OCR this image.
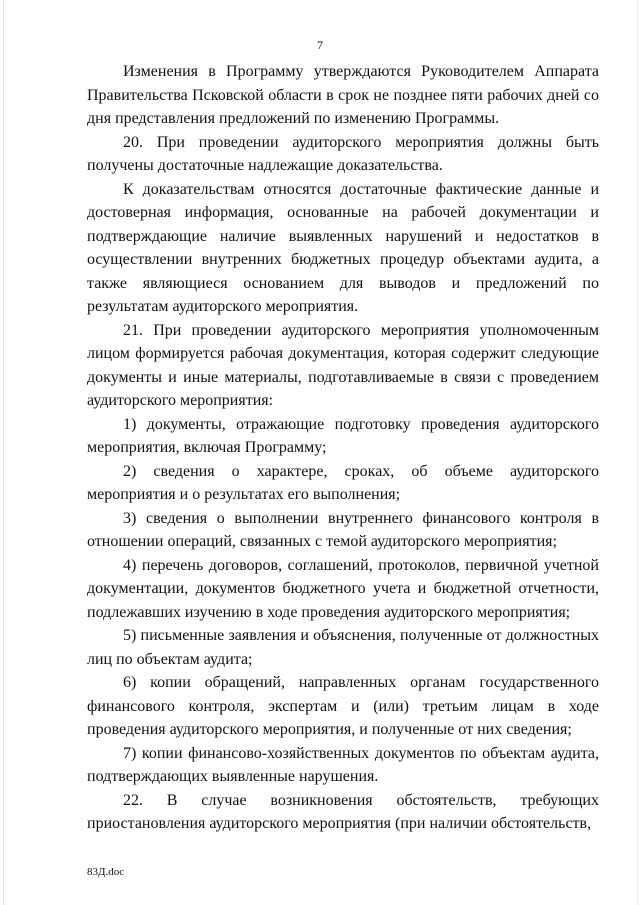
7

Изменения в Программу утверждаются Руководителем Аппарата Правительства Псковской области в срок не позднее пяти рабочих дней со дня представления предложений по изменению Программы.

20. При проведении аудиторского мероприятия должны быть получены достаточные надлежащие доказательства.

К доказательствам относятся достаточные фактические данные и достоверная информация, основанные на рабочей документации и подтверждающие наличие выявленных нарушений и недостатков в осуществлении внутренних бюджетных процедур объектами аудита, а также являющиеся основанием для выводов и предложений по результатам аудиторского мероприятия.

21. При проведении аудиторского мероприятия уполномоченным лицом формируется рабочая документация, которая содержит следующие документы и иные материалы, подготавливаемые в связи с проведением аудиторского мероприятия:

1) документы, отражающие подготовку проведения аудиторского мероприятия, включая Программу;

2) сведения о характере, сроках, об объеме аудиторского мероприятия и о результатах его выполнения;

3) сведения о выполнении внутреннего финансового контроля в отношении операций, связанных с темой аудиторского мероприятия;

4) перечень договоров, соглашений, протоколов, первичной учетной документации, документов бюджетного учета и бюджетной отчетности, подлежавших изучению в ходе проведения аудиторского мероприятия;

5) письменные заявления и объяснения, полученные от должностных лиц по объектам аудита;

6) копии обращений, направленных органам государственного финансового контроля, экспертам и (или) третьим лицам в ходе проведения аудиторского мероприятия, и полученные от них сведения;

7) копии финансово-хозяйственных документов по объектам аудита, подтверждающих выявленные нарушения.

22. В случае возникновения обстоятельств, требующих приостановления аудиторского мероприятия (при наличии обстоятельств,

83Д.doc
